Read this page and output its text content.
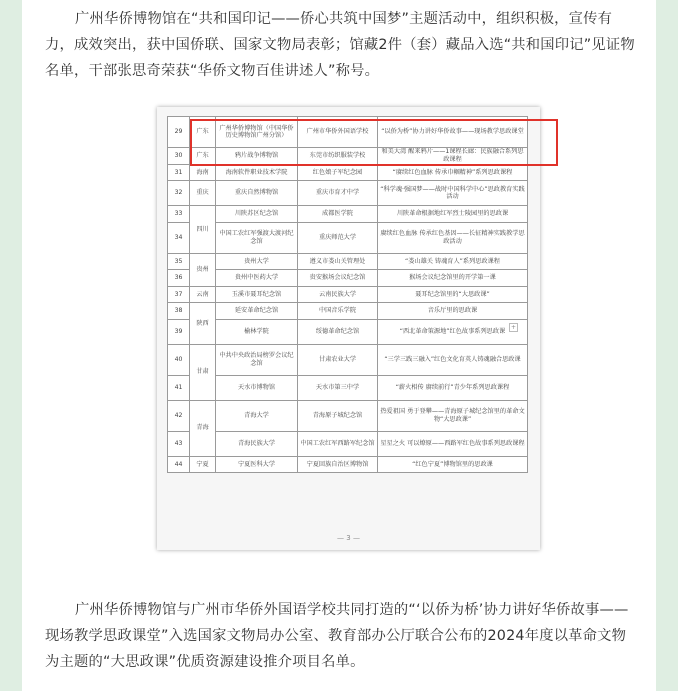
广州华侨博物馆在“共和国印记——侨心共筑中国梦”主题活动中，组织积极，宣传有力，成效突出，获中国侨联、国家文物局表彰；馆藏2件（套）藏品入选“共和国印记”见证物名单，干部张思奇荣获“华侨文物百佳讲述人”称号。

29	广东	广州华侨博物馆（中国华侨历史博物馆广州分馆）	广州市华侨外国语学校	“以侨为桥”协力讲好华侨故事——现场教学思政课堂
30	广东	鸦片战争博物馆	东莞市纺织服装学校	和美大湾 醒来鸦片——1课程长廊：民族融合系列思政课程
31	海南	海南软件职业技术学院	红色娘子军纪念园	“赓续红色血脉 传承巾帼精神”系列思政课程
32	重庆	重庆自然博物馆	重庆市育才中学	“科学魂·强国梦——战时中国科学中心”思政教育实践活动
33	四川	川陕苏区纪念馆	成都医学院	川陕革命根据地红军烈士陵园里的思政课
34		中国工农红军强渡大渡河纪念馆	重庆师范大学	赓续红色血脉 传承红色基因——长征精神实践教学思政活动
35	贵州	贵州大学	遵义市娄山关管理处	“娄山雄关 铸魂育人”系列思政课程
36		贵州中医药大学	贵安猴场会议纪念馆	猴场会议纪念馆里的开学第一课
37	云南	玉溪市聂耳纪念馆	云南民族大学	聂耳纪念馆里的“大思政课”
38	陕西	延安革命纪念馆	中国音乐学院	音乐厅里的思政课
39		榆林学院	绥德革命纪念馆	“西北革命策源地”红色故事系列思政课
40	甘肃	中共中央政治局榜罗会议纪念馆	甘肃农业大学	“三学三践三融入”红色文化育英人铸魂融合思政课
41		天水市博物馆	天水市第三中学	“薪火相传 赓续前行”青少年系列思政课程
42	青海	青海大学	青海原子城纪念馆	热爱祖国 勇于登攀——青海原子城纪念馆里的革命文物“大思政课”
43		青海民族大学	中国工农红军西路军纪念馆	星星之火 可以燎原——西路军红色故事系列思政课程
44	宁夏	宁夏医科大学	宁夏回族自治区博物馆	“红色宁夏”博物馆里的思政课
+
— 3 —

广州华侨博物馆与广州市华侨外国语学校共同打造的“‘以侨为桥’协力讲好华侨故事——现场教学思政课堂”入选国家文物局办公室、教育部办公厅联合公布的2024年度以革命文物为主题的“大思政课”优质资源建设推介项目名单。
